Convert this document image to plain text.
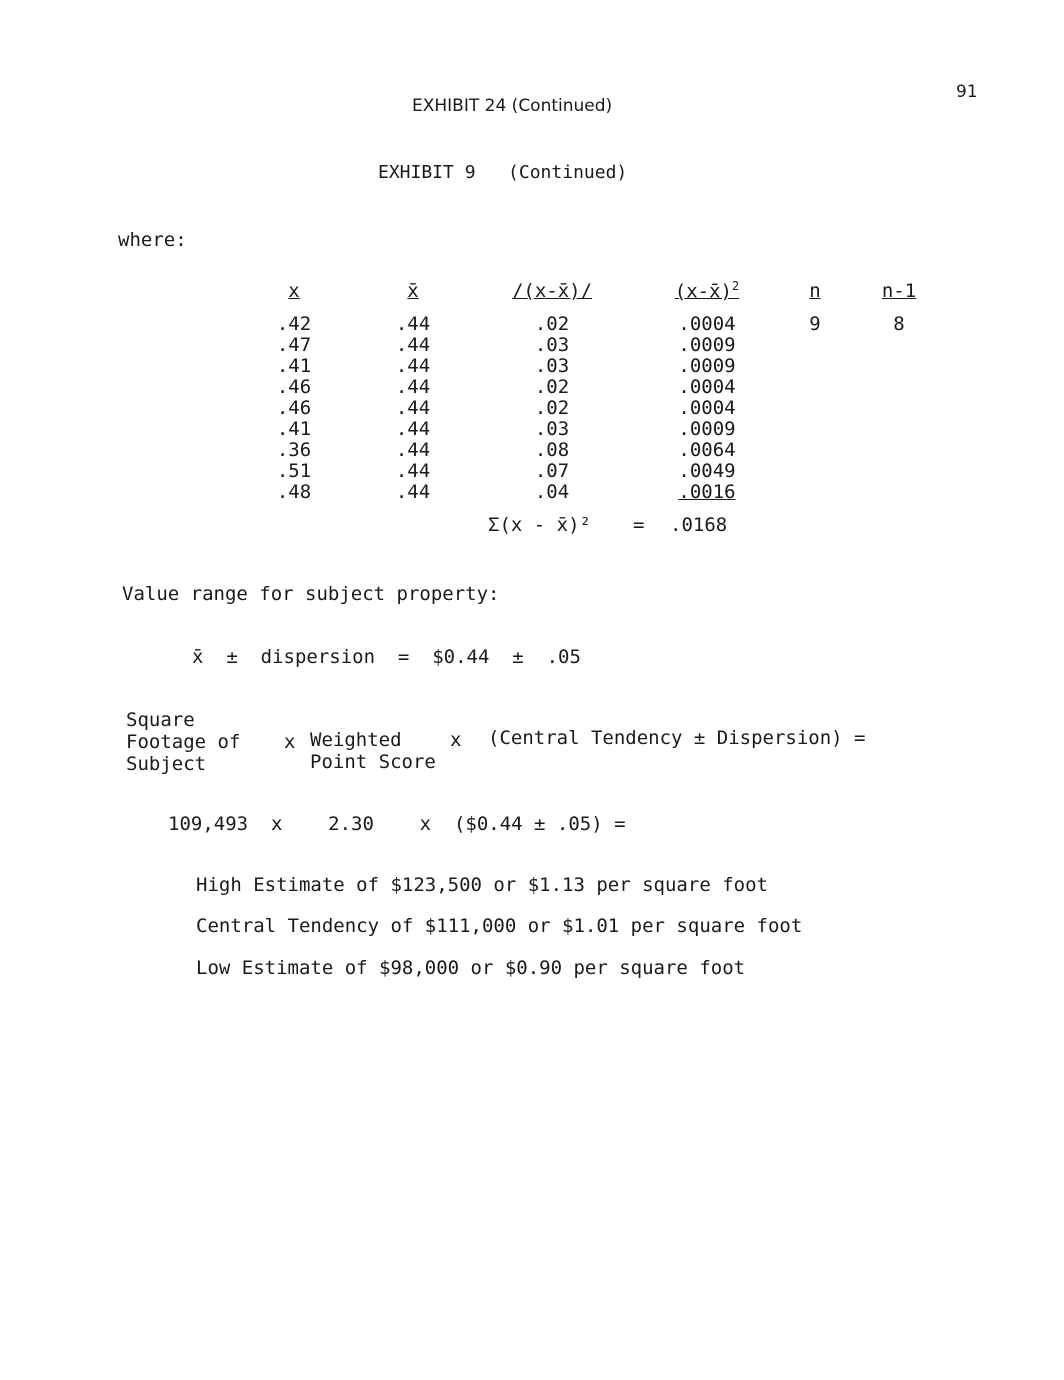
91
EXHIBIT 24 (Continued)
EXHIBIT 9   (Continued)
where:
x	x̄	/(x-x̄)/	(x-x̄)$^2$	n	n-1
.42	.44	.02	.0004	9	8
.47	.44	.03	.0009		
.41	.44	.03	.0009		
.46	.44	.02	.0004		
.46	.44	.02	.0004		
.41	.44	.03	.0009		
.36	.44	.08	.0064		
.51	.44	.07	.0049		
.48	.44	.04	.0016		
Σ(x - x̄)² = .0168
Value range for subject property:
x̄  ±  dispersion  =  $0.44  ±  .05
Square
Footage of
Subject
x Weighted
Point Score
x (Central Tendency ± Dispersion) =
109,493  x    2.30    x  ($0.44 ± .05) =
High Estimate of $123,500 or $1.13 per square foot
Central Tendency of $111,000 or $1.01 per square foot
Low Estimate of $98,000 or $0.90 per square foot
